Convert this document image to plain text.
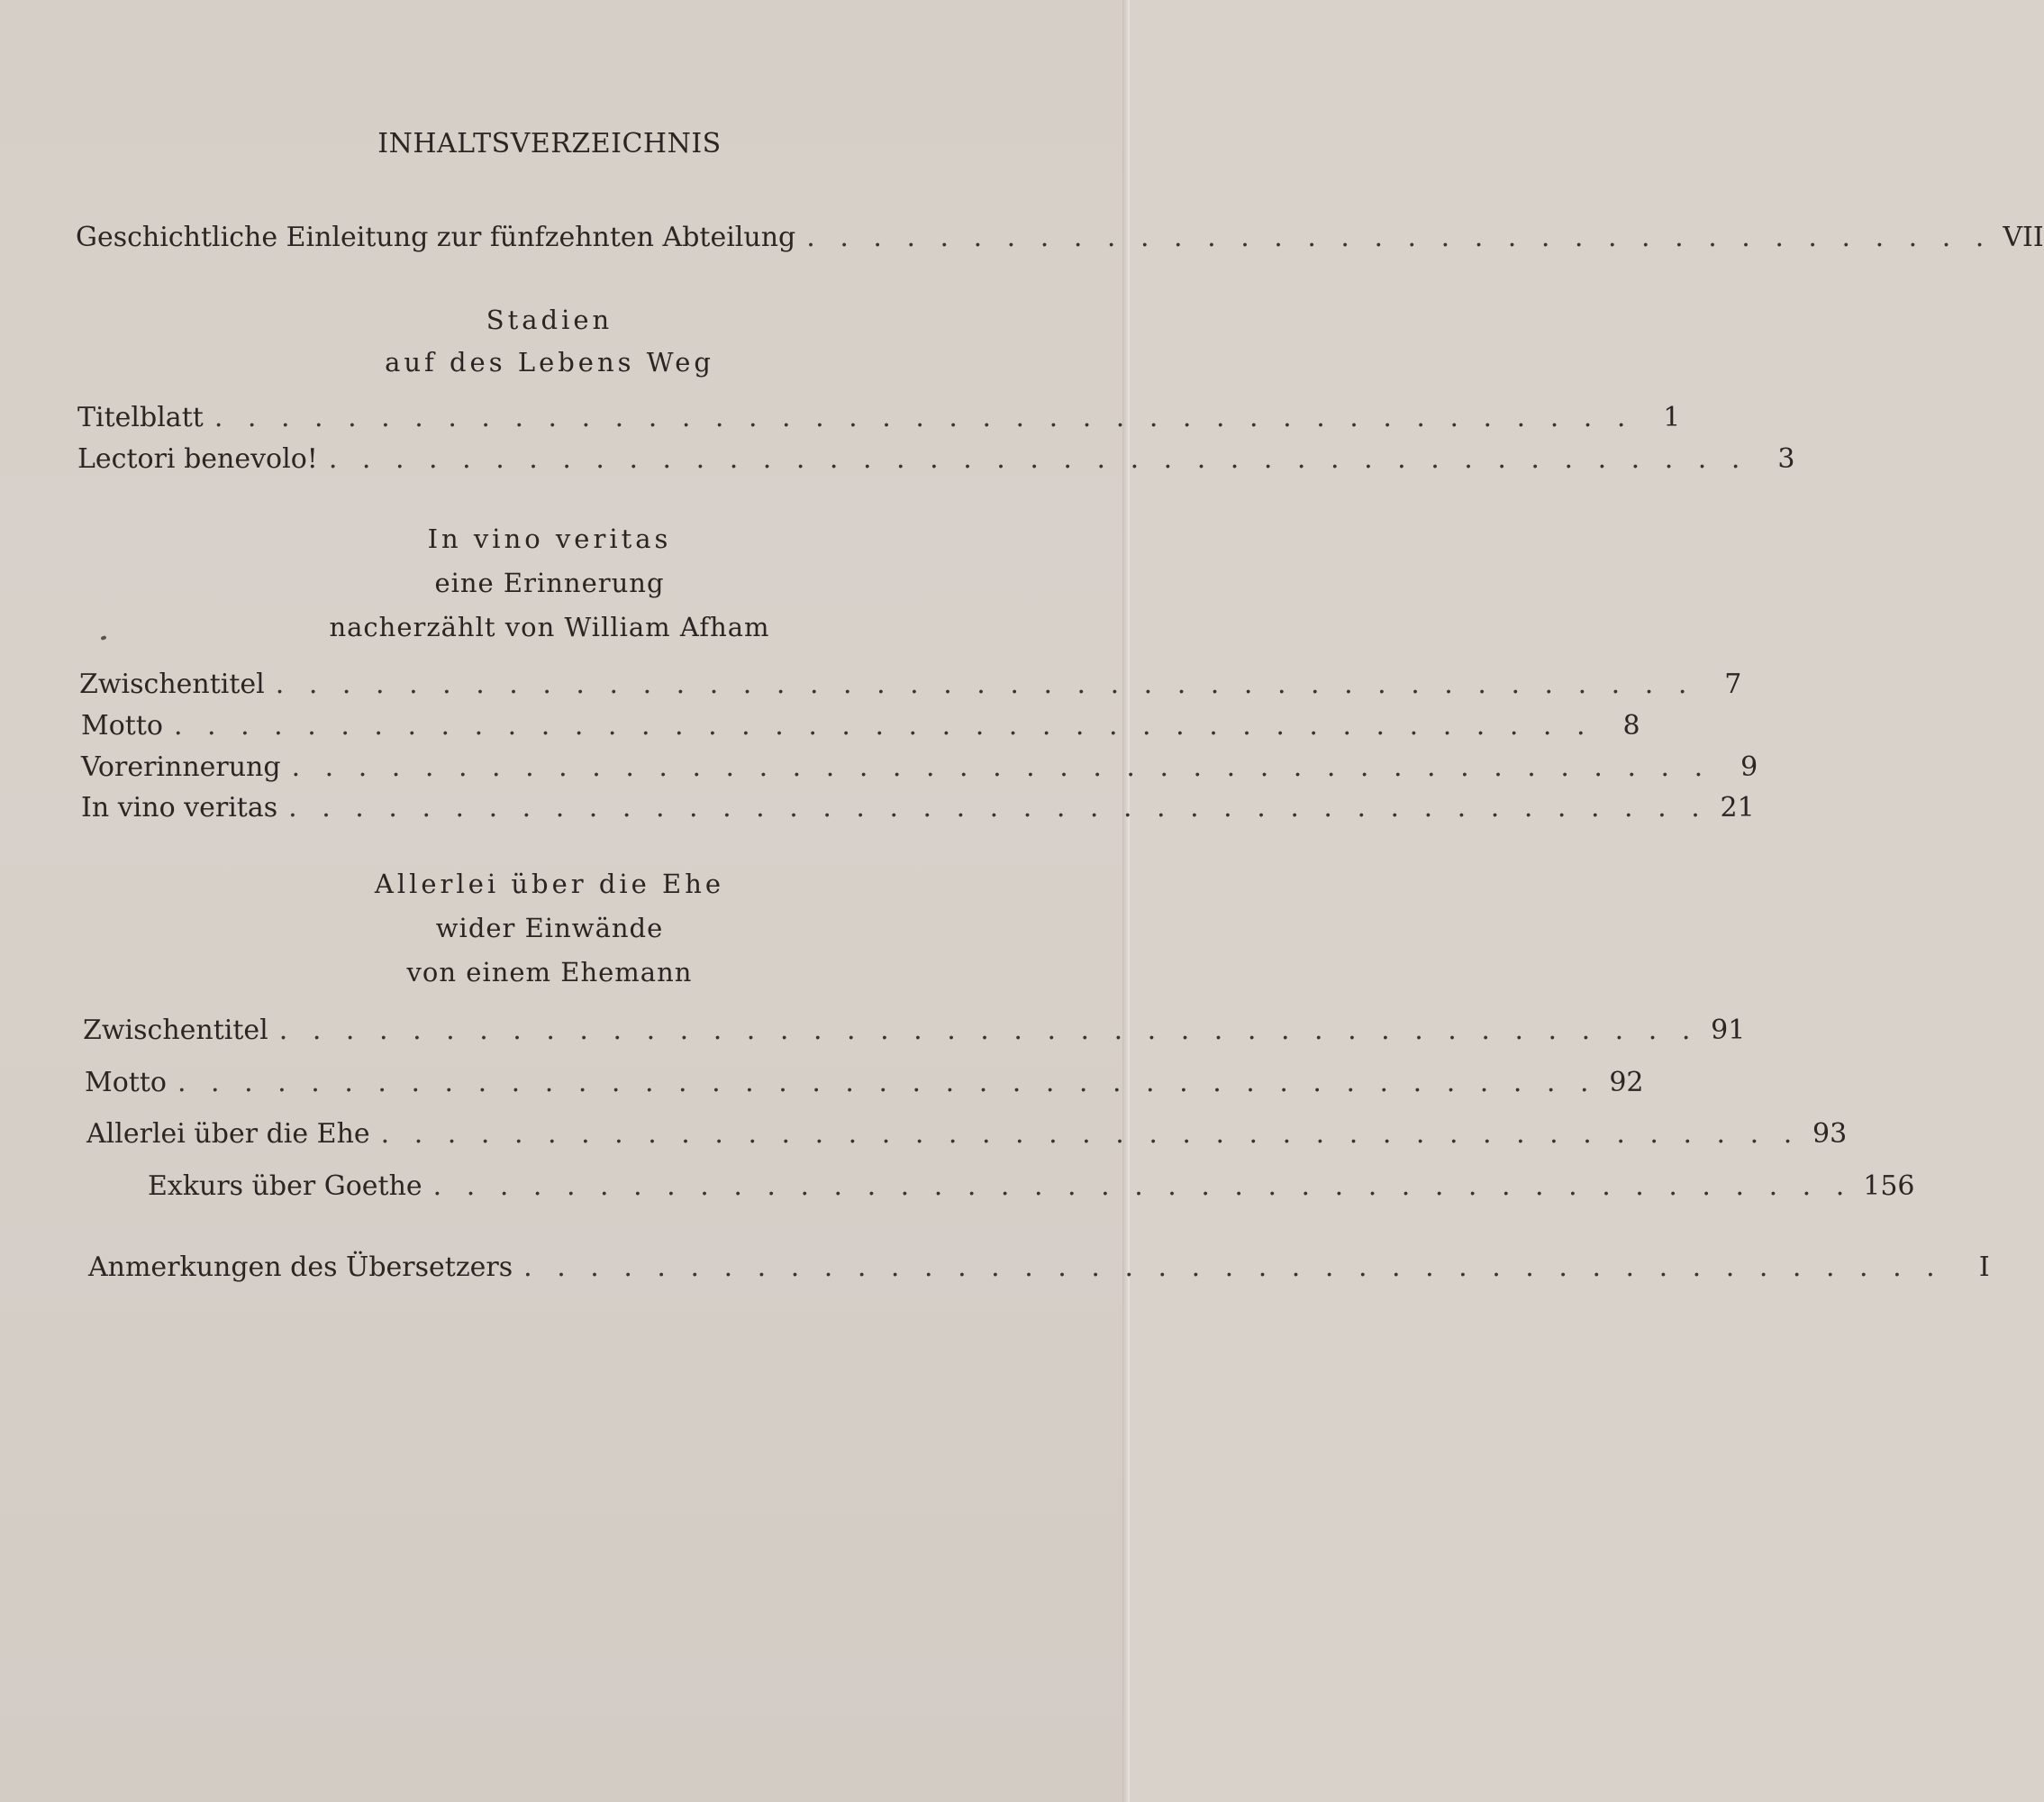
INHALTSVERZEICHNIS
Geschichtliche Einleitung zur fünfzehnten Abteilung . . . . . . . . . . . . . . . . . . . . . . . . . . . . . . . . . . . . VII
Stadien
auf des Lebens Weg
Titelblatt . . . . . . . . . . . . . . . . . . . . . . . . . . . . . . . . . . . . . . . . . . .	1
Lectori benevolo! . . . . . . . . . . . . . . . . . . . . . . . . . . . . . . . . . . . . . . . . . . .	3
In vino veritas
eine Erinnerung
nacherzählt von William Afham
Zwischentitel . . . . . . . . . . . . . . . . . . . . . . . . . . . . . . . . . . . . . . . . . . .	7
Motto . . . . . . . . . . . . . . . . . . . . . . . . . . . . . . . . . . . . . . . . . . .	8
Vorerinnerung . . . . . . . . . . . . . . . . . . . . . . . . . . . . . . . . . . . . . . . . . . .	9
In vino veritas . . . . . . . . . . . . . . . . . . . . . . . . . . . . . . . . . . . . . . . . . . . 21
Allerlei über die Ehe
wider Einwände
von einem Ehemann
Zwischentitel . . . . . . . . . . . . . . . . . . . . . . . . . . . . . . . . . . . . . . . . . . . 91
Motto . . . . . . . . . . . . . . . . . . . . . . . . . . . . . . . . . . . . . . . . . . . 92
Allerlei über die Ehe . . . . . . . . . . . . . . . . . . . . . . . . . . . . . . . . . . . . . . . . . . . 93
Exkurs über Goethe . . . . . . . . . . . . . . . . . . . . . . . . . . . . . . . . . . . . . . . . . . . 156
Anmerkungen des Übersetzers . . . . . . . . . . . . . . . . . . . . . . . . . . . . . . . . . . . . . . . . . . .	I
